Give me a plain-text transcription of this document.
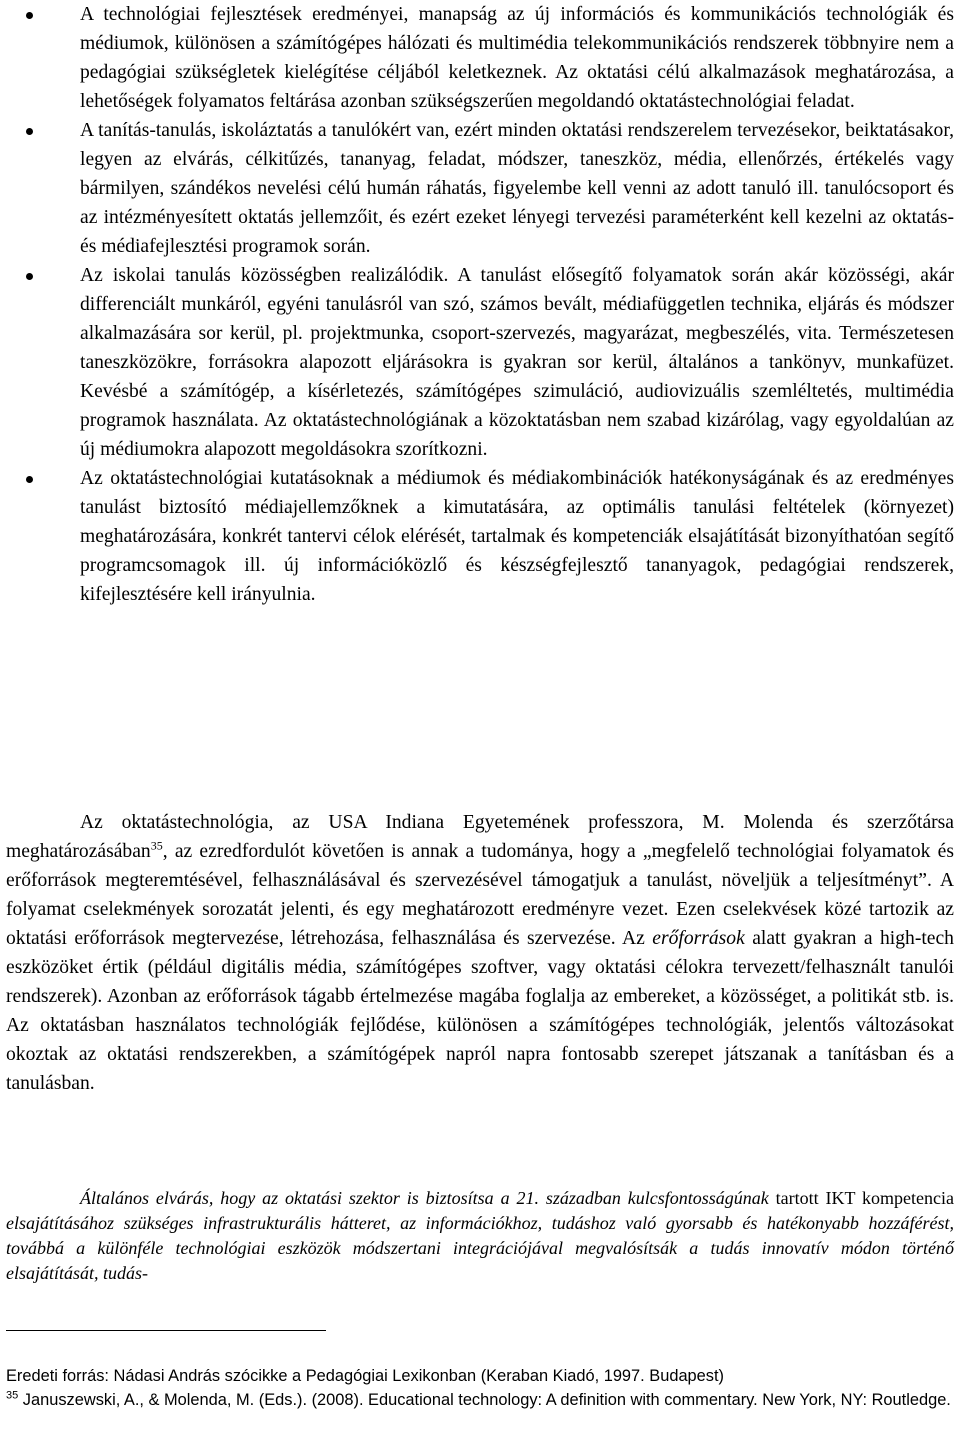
A technológiai fejlesztések eredményei, manapság az új információs és kommunikációs technológiák és médiumok, különösen a számítógépes hálózati és multimédia telekommunikációs rendszerek többnyire nem a pedagógiai szükségletek kielégítése céljából keletkeznek. Az oktatási célú alkalmazások meghatározása, a lehetőségek folyamatos feltárása azonban szükségszerűen megoldandó oktatástechnológiai feladat.
A tanítás-tanulás, iskoláztatás a tanulókért van, ezért minden oktatási rendszerelem tervezésekor, beiktatásakor, legyen az elvárás, célkitűzés, tananyag, feladat, módszer, taneszköz, média, ellenőrzés, értékelés vagy bármilyen, szándékos nevelési célú humán ráhatás, figyelembe kell venni az adott tanuló ill. tanulócsoport és az intézményesített oktatás jellemzőit, és ezért ezeket lényegi tervezési paraméterként kell kezelni az oktatás- és médiafejlesztési programok során.
Az iskolai tanulás közösségben realizálódik. A tanulást elősegítő folyamatok során akár közösségi, akár differenciált munkáról, egyéni tanulásról van szó, számos bevált, médiafüggetlen technika, eljárás és módszer alkalmazására sor kerül, pl. projektmunka, csoport-szervezés, magyarázat, megbeszélés, vita. Természetesen taneszközökre, forrásokra alapozott eljárásokra is gyakran sor kerül, általános a tankönyv, munkafüzet. Kevésbé a számítógép, a kísérletezés, számítógépes szimuláció, audiovizuális szemléltetés, multimédia programok használata. Az oktatástechnológiának a közoktatásban nem szabad kizárólag, vagy egyoldalúan az új médiumokra alapozott megoldásokra szorítkozni.
Az oktatástechnológiai kutatásoknak a médiumok és médiakombinációk hatékonyságának és az eredményes tanulást biztosító médiajellemzőknek a kimutatására, az optimális tanulási feltételek (környezet) meghatározására, konkrét tantervi célok elérését, tartalmak és kompetenciák elsajátítását bizonyíthatóan segítő programcsomagok ill. új információközlő és készségfejlesztő tananyagok, pedagógiai rendszerek, kifejlesztésére kell irányulnia.
Az oktatástechnológia, az USA Indiana Egyetemének professzora, M. Molenda és szerzőtársa meghatározásában$^{35}$, az ezredfordulót követően is annak a tudománya, hogy a „megfelelő technológiai folyamatok és erőforrások megteremtésével, felhasználásával és szervezésével támogatjuk a tanulást, növeljük a teljesítményt”. A folyamat cselekmények sorozatát jelenti, és egy meghatározott eredményre vezet. Ezen cselekvések közé tartozik az oktatási erőforrások megtervezése, létrehozása, felhasználása és szervezése. Az erőforrások alatt gyakran a high-tech eszközöket értik (például digitális média, számítógépes szoftver, vagy oktatási célokra tervezett/felhasznált tanulói rendszerek). Azonban az erőforrások tágabb értelmezése magába foglalja az embereket, a közösséget, a politikát stb. is. Az oktatásban használatos technológiák fejlődése, különösen a számítógépes technológiák, jelentős változásokat okoztak az oktatási rendszerekben, a számítógépek napról napra fontosabb szerepet játszanak a tanításban és a tanulásban.
Általános elvárás, hogy az oktatási szektor is biztosítsa a 21. században kulcsfontosságúnak tartott IKT kompetencia elsajátításához szükséges infrastrukturális hátteret, az információkhoz, tudáshoz való gyorsabb és hatékonyabb hozzáférést, továbbá a különféle technológiai eszközök módszertani integrációjával megvalósítsák a tudás innovatív módon történő elsajátítását, tudás-
Eredeti forrás: Nádasi András szócikke a Pedagógiai Lexikonban (Keraban Kiadó, 1997. Budapest)
$^{35}$ Januszewski, A., & Molenda, M. (Eds.). (2008). Educational technology: A definition with commentary. New York, NY: Routledge.
